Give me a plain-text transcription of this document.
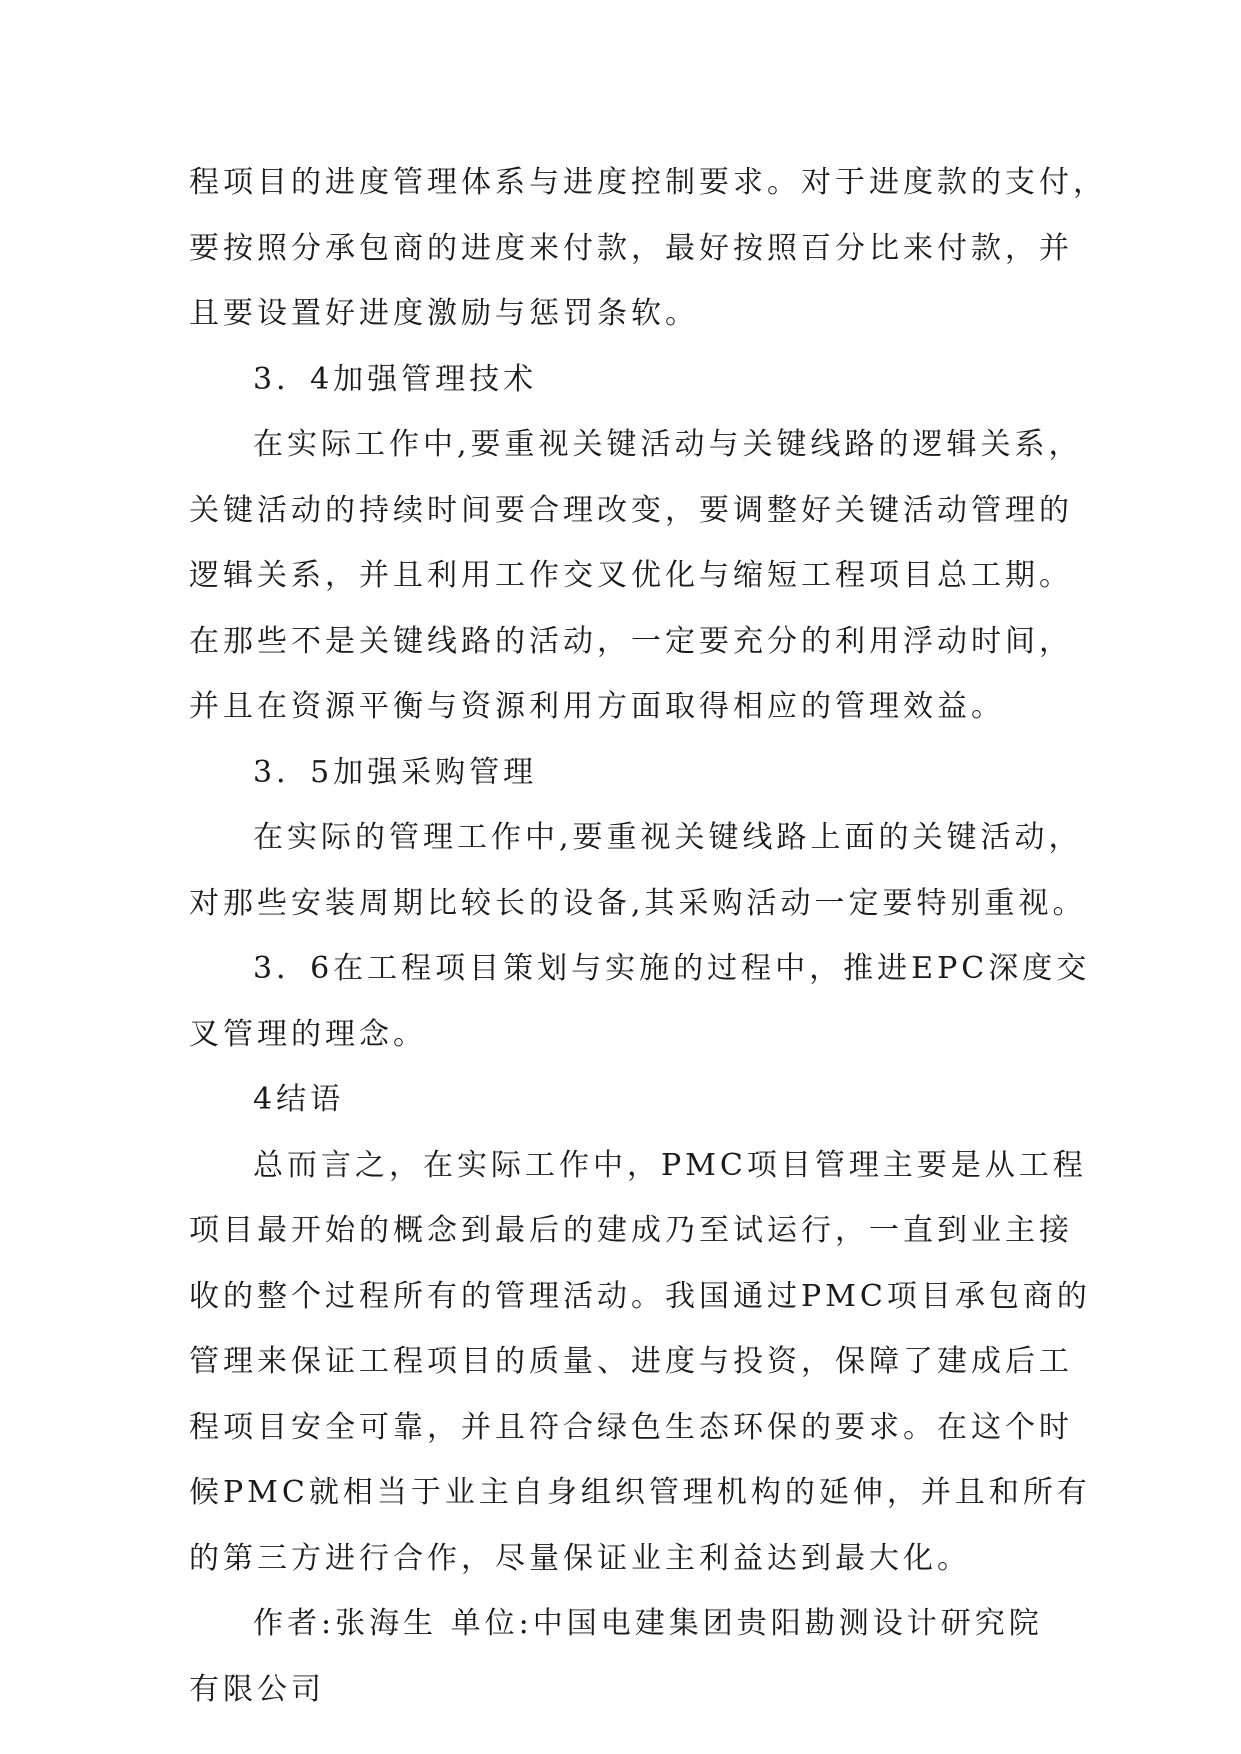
程项目的进度管理体系与进度控制要求。对于进度款的支付，
要按照分承包商的进度来付款，最好按照百分比来付款，并
且要设置好进度激励与惩罚条软。
3．4加强管理技术
在实际工作中,要重视关键活动与关键线路的逻辑关系，
关键活动的持续时间要合理改变，要调整好关键活动管理的
逻辑关系，并且利用工作交叉优化与缩短工程项目总工期。
在那些不是关键线路的活动，一定要充分的利用浮动时间，
并且在资源平衡与资源利用方面取得相应的管理效益。
3．5加强采购管理
在实际的管理工作中,要重视关键线路上面的关键活动，
对那些安装周期比较长的设备,其采购活动一定要特别重视。
3．6在工程项目策划与实施的过程中，推进EPC深度交
叉管理的理念。
4结语
总而言之，在实际工作中，PMC项目管理主要是从工程
项目最开始的概念到最后的建成乃至试运行，一直到业主接
收的整个过程所有的管理活动。我国通过PMC项目承包商的
管理来保证工程项目的质量、进度与投资，保障了建成后工
程项目安全可靠，并且符合绿色生态环保的要求。在这个时
候PMC就相当于业主自身组织管理机构的延伸，并且和所有
的第三方进行合作，尽量保证业主利益达到最大化。
作者:张海生 单位:中国电建集团贵阳勘测设计研究院
有限公司
